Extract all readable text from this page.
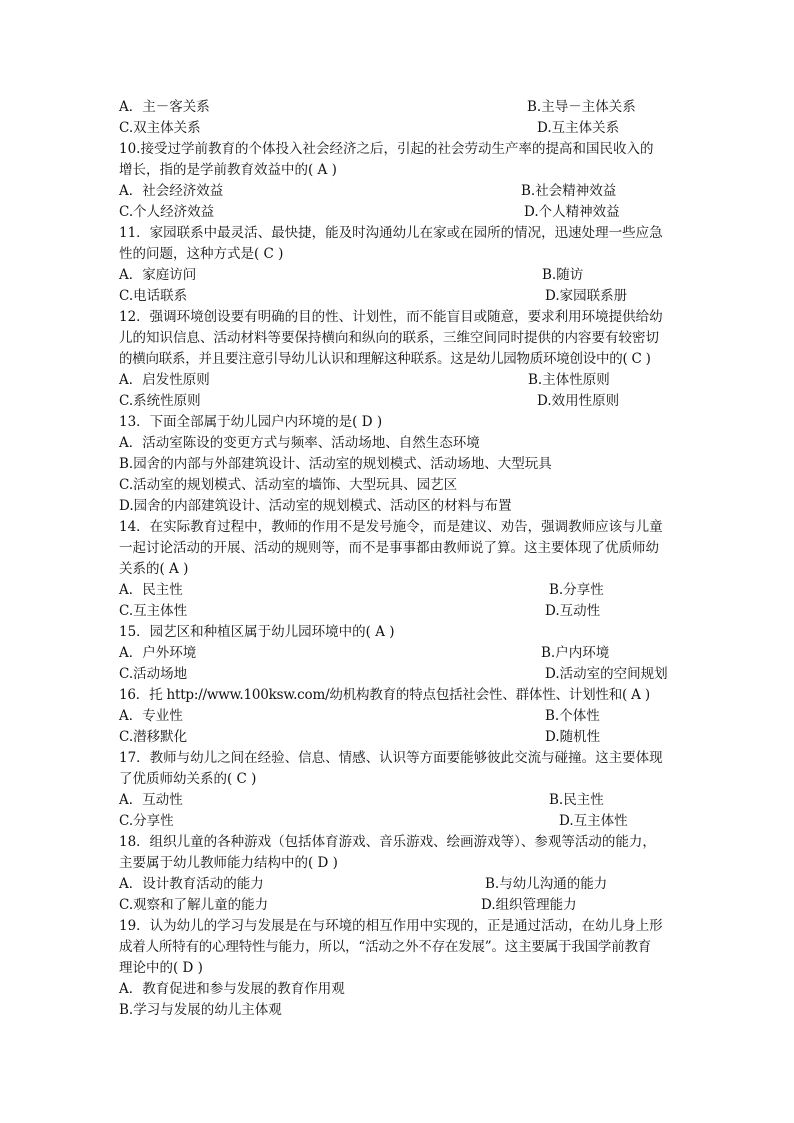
A．主－客关系	B.主导－主体关系
C.双主体关系	D.互主体关系
10.接受过学前教育的个体投入社会经济之后，引起的社会劳动生产率的提高和国民收入的
增长，指的是学前教育效益中的( A )
A．社会经济效益	B.社会精神效益
C.个人经济效益	D.个人精神效益
11．家园联系中最灵活、最快捷，能及时沟通幼儿在家或在园所的情况，迅速处理一些应急
性的问题，这种方式是( C )
A．家庭访问	B.随访
C.电话联系	D.家园联系册
12．强调环境创设要有明确的目的性、计划性，而不能盲目或随意，要求利用环境提供给幼
儿的知识信息、活动材料等要保持横向和纵向的联系，三维空间同时提供的内容要有较密切
的横向联系，并且要注意引导幼儿认识和理解这种联系。这是幼儿园物质环境创设中的( C )
A．启发性原则	B.主体性原则
C.系统性原则	D.效用性原则
13．下面全部属于幼儿园户内环境的是( D )
A．活动室陈设的变更方式与频率、活动场地、自然生态环境
B.园舍的内部与外部建筑设计、活动室的规划模式、活动场地、大型玩具
C.活动室的规划模式、活动室的墙饰、大型玩具、园艺区
D.园舍的内部建筑设计、活动室的规划模式、活动区的材料与布置
14．在实际教育过程中，教师的作用不是发号施令，而是建议、劝告，强调教师应该与儿童
一起讨论活动的开展、活动的规则等，而不是事事都由教师说了算。这主要体现了优质师幼
关系的( A )
A．民主性	B.分享性
C.互主体性	D.互动性
15．园艺区和种植区属于幼儿园环境中的( A )
A．户外环境	B.户内环境
C.活动场地	D.活动室的空间规划
16．托 http://www.100ksw.com/幼机构教育的特点包括社会性、群体性、计划性和( A )
A．专业性	B.个体性
C.潜移默化	D.随机性
17．教师与幼儿之间在经验、信息、情感、认识等方面要能够彼此交流与碰撞。这主要体现
了优质师幼关系的( C )
A．互动性	B.民主性
C.分享性	D.互主体性
18．组织儿童的各种游戏（包括体育游戏、音乐游戏、绘画游戏等）、参观等活动的能力，
主要属于幼儿教师能力结构中的( D )
A．设计教育活动的能力	B.与幼儿沟通的能力
C.观察和了解儿童的能力	D.组织管理能力
19．认为幼儿的学习与发展是在与环境的相互作用中实现的，正是通过活动，在幼儿身上形
成着人所特有的心理特性与能力，所以，“活动之外不存在发展”。这主要属于我国学前教育
理论中的( D )
A．教育促进和参与发展的教育作用观
B.学习与发展的幼儿主体观
